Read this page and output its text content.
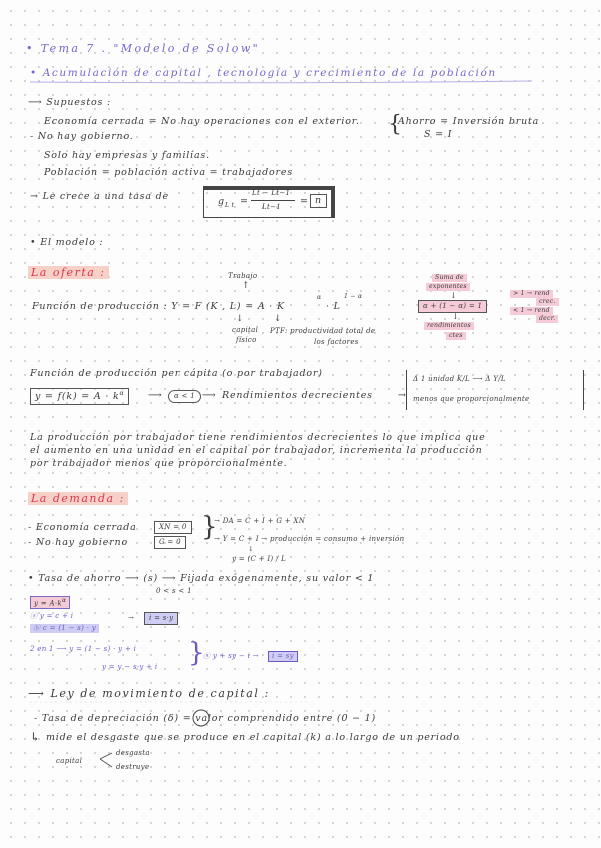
• Tema 7 . "Modelo de Solow"
• Acumulación de capital , tecnología y crecimiento de la población
⟶ Supuestos :
Economía cerrada = No hay operaciones con el exterior.
- No hay gobierno.
Solo hay empresas y familias.
Población = población activa = trabajadores
→ Le crece a una tasa de	g L t =
Lt − Lt−1
Lt−1 = n
{
Ahorro = Inversión bruta
S = I
• El modelo :
La oferta :	Trabajo
↑
Función de producción : Y = F (K , L) = A · K
α
· L
1 − α
↓
capital
físico
↓
PTF: productividad total de
los factores
Suma de
exponentes
↓
α + (1 − α) = 1
> 1 → rend
crec.
< 1 → rend
decr.
↓
rendimientos
ctes
Función de producción per cápita (o por trabajador)
$y = f(k) = A \cdot k^\alpha$	⟶	α < 1 ⟶ Rendimientos decrecientes	→
Δ 1 unidad K/L ⟶ Δ Y/L
menos que proporcionalmente
La producción por trabajador tiene rendimientos decrecientes lo que implica que
el aumento en una unidad en el capital por trabajador, incrementa la producción
por trabajador menos que proporcionalmente.
La demanda :
- Economía cerrada	XN = 0
- No hay gobierno	G = 0 }
→ DA = C + I + G + XN
→ Y = C + I → producción = consumo + inversión
↓
y = (C + I) / L
• Tasa de ahorro ⟶ (s) ⟶ Fijada exógenamente, su valor < 1
0 < s < 1
$y = A\cdot k^\alpha$
ⓐ y = c + i
ⓑ c = (1 − s) · y
→	i = s·y
2 en 1 ⟶ y = (1 − s) · y + i
y = y − s·y + i }
ⓧ y + sy − i →	i = sy
⟶ Ley de movimiento de capital :
- Tasa de depreciación (δ) = valor comprendido entre (0 − 1)
↳ mide el desgaste que se produce en el capital (k) a lo largo de un periodo
capital
desgasta
destruye
